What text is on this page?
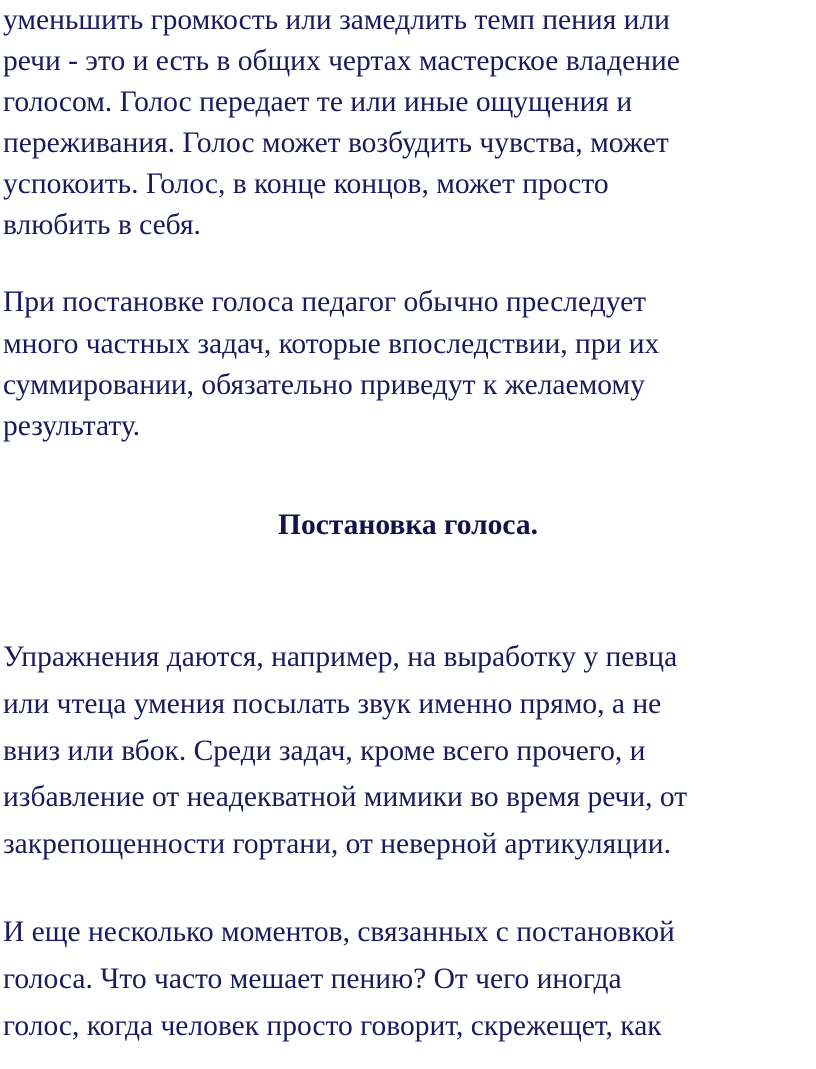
уменьшить громкость или замедлить темп пения или
речи - это и есть в общих чертах мастерское владение
голосом. Голос передает те или иные ощущения и
переживания. Голос может возбудить чувства, может
успокоить. Голос, в конце концов, может просто
влюбить в себя.
При постановке голоса педагог обычно преследует
много частных задач, которые впоследствии, при их
суммировании, обязательно приведут к желаемому
результату.
Постановка голоса.
Упражнения даются, например, на выработку у певца
или чтеца умения посылать звук именно прямо, а не
вниз или вбок. Среди задач, кроме всего прочего, и
избавление от неадекватной мимики во время речи, от
закрепощенности гортани, от неверной артикуляции.
И еще несколько моментов, связанных с постановкой
голоса. Что часто мешает пению? От чего иногда
голос, когда человек просто говорит, скрежещет, как
